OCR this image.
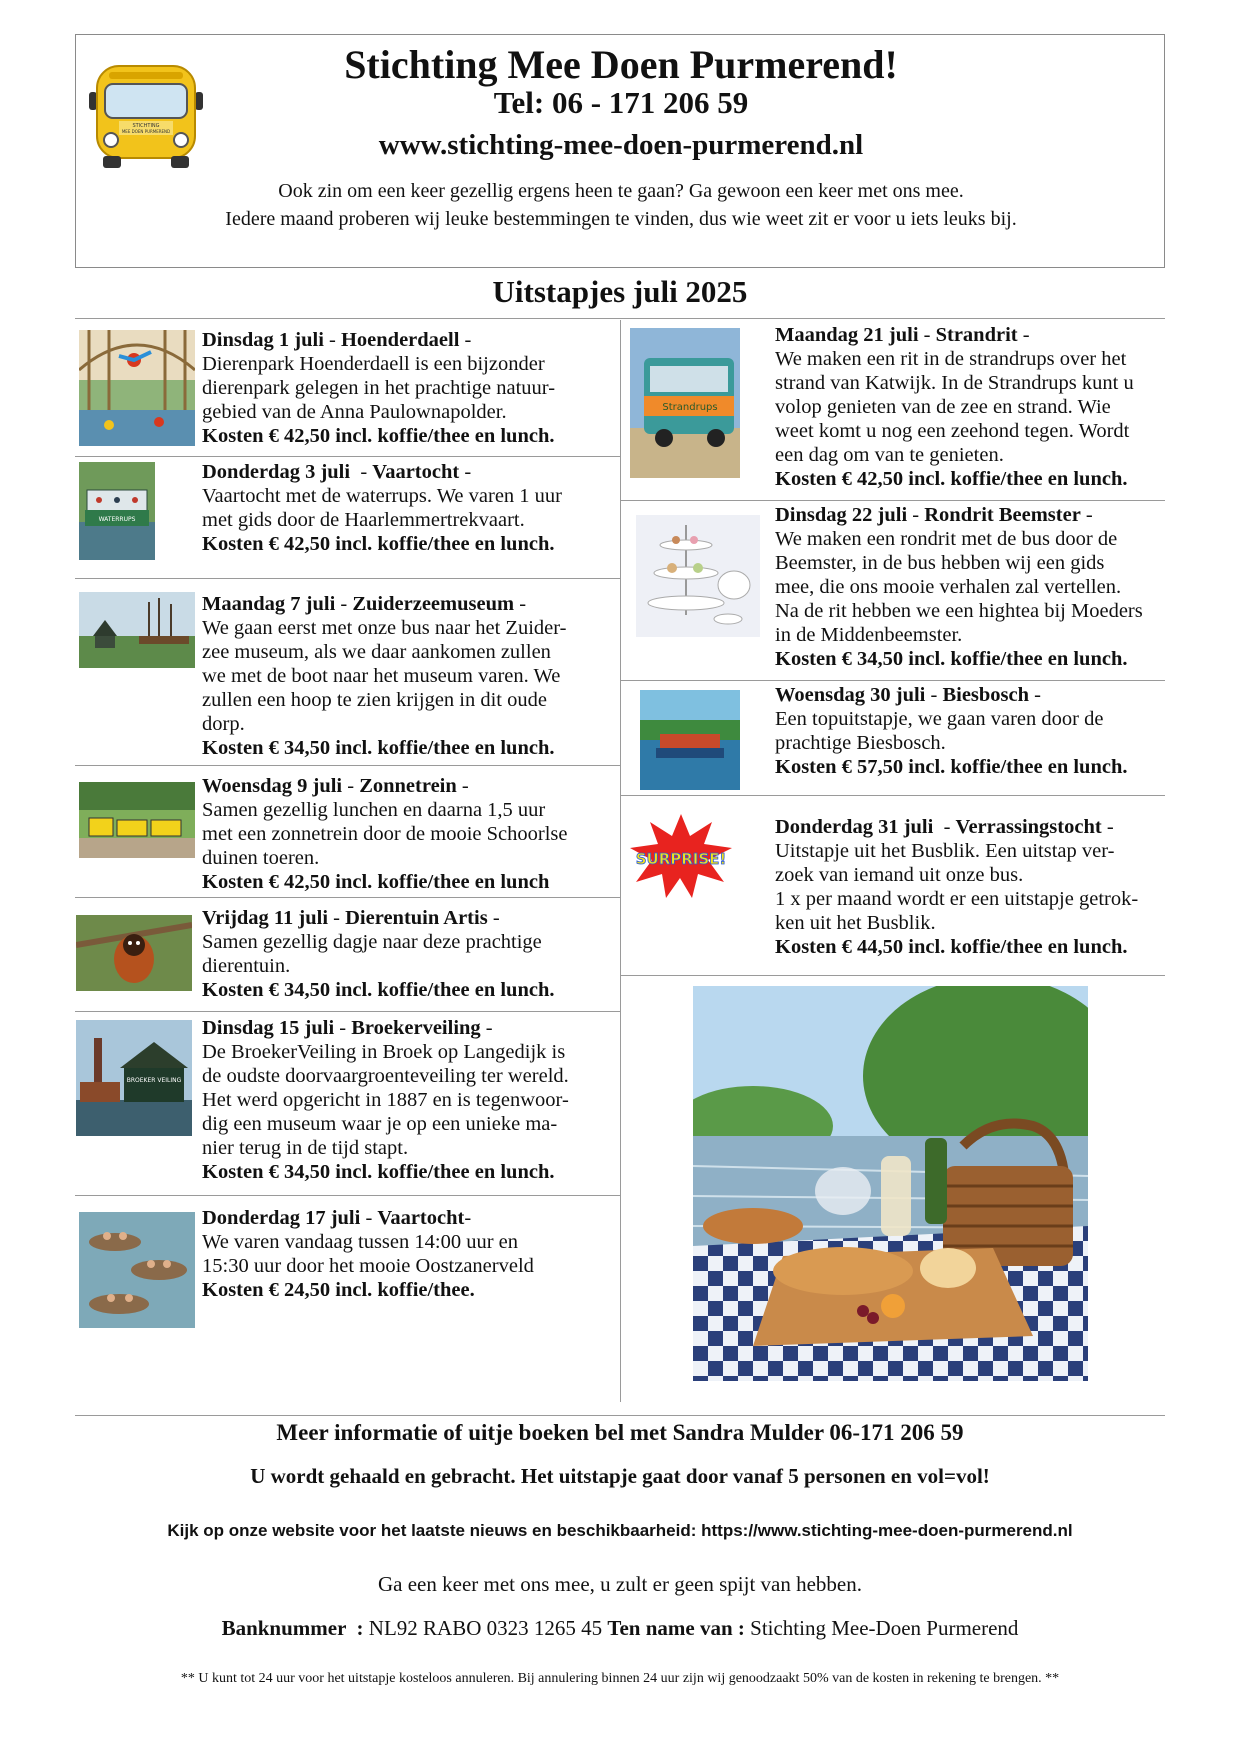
STICHTING
MEE DOEN PURMEREND
Stichting Mee Doen Purmerend!
Tel: 06 - 171 206 59
www.stichting-mee-doen-purmerend.nl
Ook zin om een keer gezellig ergens heen te gaan? Ga gewoon een keer met ons mee.
Iedere maand proberen wij leuke bestemmingen te vinden, dus wie weet zit er voor u iets leuks bij.
Uitstapjes juli 2025
Dinsdag 1 juli - Hoenderdaell -
Dierenpark Hoenderdaell is een bijzonder
dierenpark gelegen in het prachtige natuur-
gebied van de Anna Paulownapolder.
Kosten € 42,50 incl. koffie/thee en lunch.
WATERRUPS
Donderdag 3 juli  - Vaartocht -
Vaartocht met de waterrups. We varen 1 uur
met gids door de Haarlemmertrekvaart.
Kosten € 42,50 incl. koffie/thee en lunch.
Maandag 7 juli - Zuiderzeemuseum -
We gaan eerst met onze bus naar het Zuider-
zee museum, als we daar aankomen zullen
we met de boot naar het museum varen. We
zullen een hoop te zien krijgen in dit oude
dorp.
Kosten € 34,50 incl. koffie/thee en lunch.
Woensdag 9 juli - Zonnetrein -
Samen gezellig lunchen en daarna 1,5 uur
met een zonnetrein door de mooie Schoorlse
duinen toeren.
Kosten € 42,50 incl. koffie/thee en lunch
Vrijdag 11 juli - Dierentuin Artis -
Samen gezellig dagje naar deze prachtige
dierentuin.
Kosten € 34,50 incl. koffie/thee en lunch.
BROEKER VEILING
Dinsdag 15 juli - Broekerveiling -
De BroekerVeiling in Broek op Langedijk is
de oudste doorvaargroenteveiling ter wereld.
Het werd opgericht in 1887 en is tegenwoor-
dig een museum waar je op een unieke ma-
nier terug in de tijd stapt.
Kosten € 34,50 incl. koffie/thee en lunch.
Donderdag 17 juli - Vaartocht-
We varen vandaag tussen 14:00 uur en
15:30 uur door het mooie Oostzanerveld
Kosten € 24,50 incl. koffie/thee.
Strandrups
Maandag 21 juli - Strandrit -
We maken een rit in de strandrups over het
strand van Katwijk. In de Strandrups kunt u
volop genieten van de zee en strand. Wie
weet komt u nog een zeehond tegen. Wordt
een dag om van te genieten.
Kosten € 42,50 incl. koffie/thee en lunch.
Dinsdag 22 juli - Rondrit Beemster -
We maken een rondrit met de bus door de
Beemster, in de bus hebben wij een gids
mee, die ons mooie verhalen zal vertellen.
Na de rit hebben we een hightea bij Moeders
in de Middenbeemster.
Kosten € 34,50 incl. koffie/thee en lunch.
Woensdag 30 juli - Biesbosch -
Een topuitstapje, we gaan varen door de
prachtige Biesbosch.
Kosten € 57,50 incl. koffie/thee en lunch.
SURPRISE!
Donderdag 31 juli  - Verrassingstocht -
Uitstapje uit het Busblik. Een uitstap ver-
zoek van iemand uit onze bus.
1 x per maand wordt er een uitstapje getrok-
ken uit het Busblik.
Kosten € 44,50 incl. koffie/thee en lunch.
Meer informatie of uitje boeken bel met Sandra Mulder 06-171 206 59
U wordt gehaald en gebracht. Het uitstapje gaat door vanaf 5 personen en vol=vol!
Kijk op onze website voor het laatste nieuws en beschikbaarheid: https://www.stichting-mee-doen-purmerend.nl
Ga een keer met ons mee, u zult er geen spijt van hebben.
Banknummer  : NL92 RABO 0323 1265 45 Ten name van : Stichting Mee-Doen Purmerend
** U kunt tot 24 uur voor het uitstapje kosteloos annuleren. Bij annulering binnen 24 uur zijn wij genoodzaakt 50% van de kosten in rekening te brengen. **
